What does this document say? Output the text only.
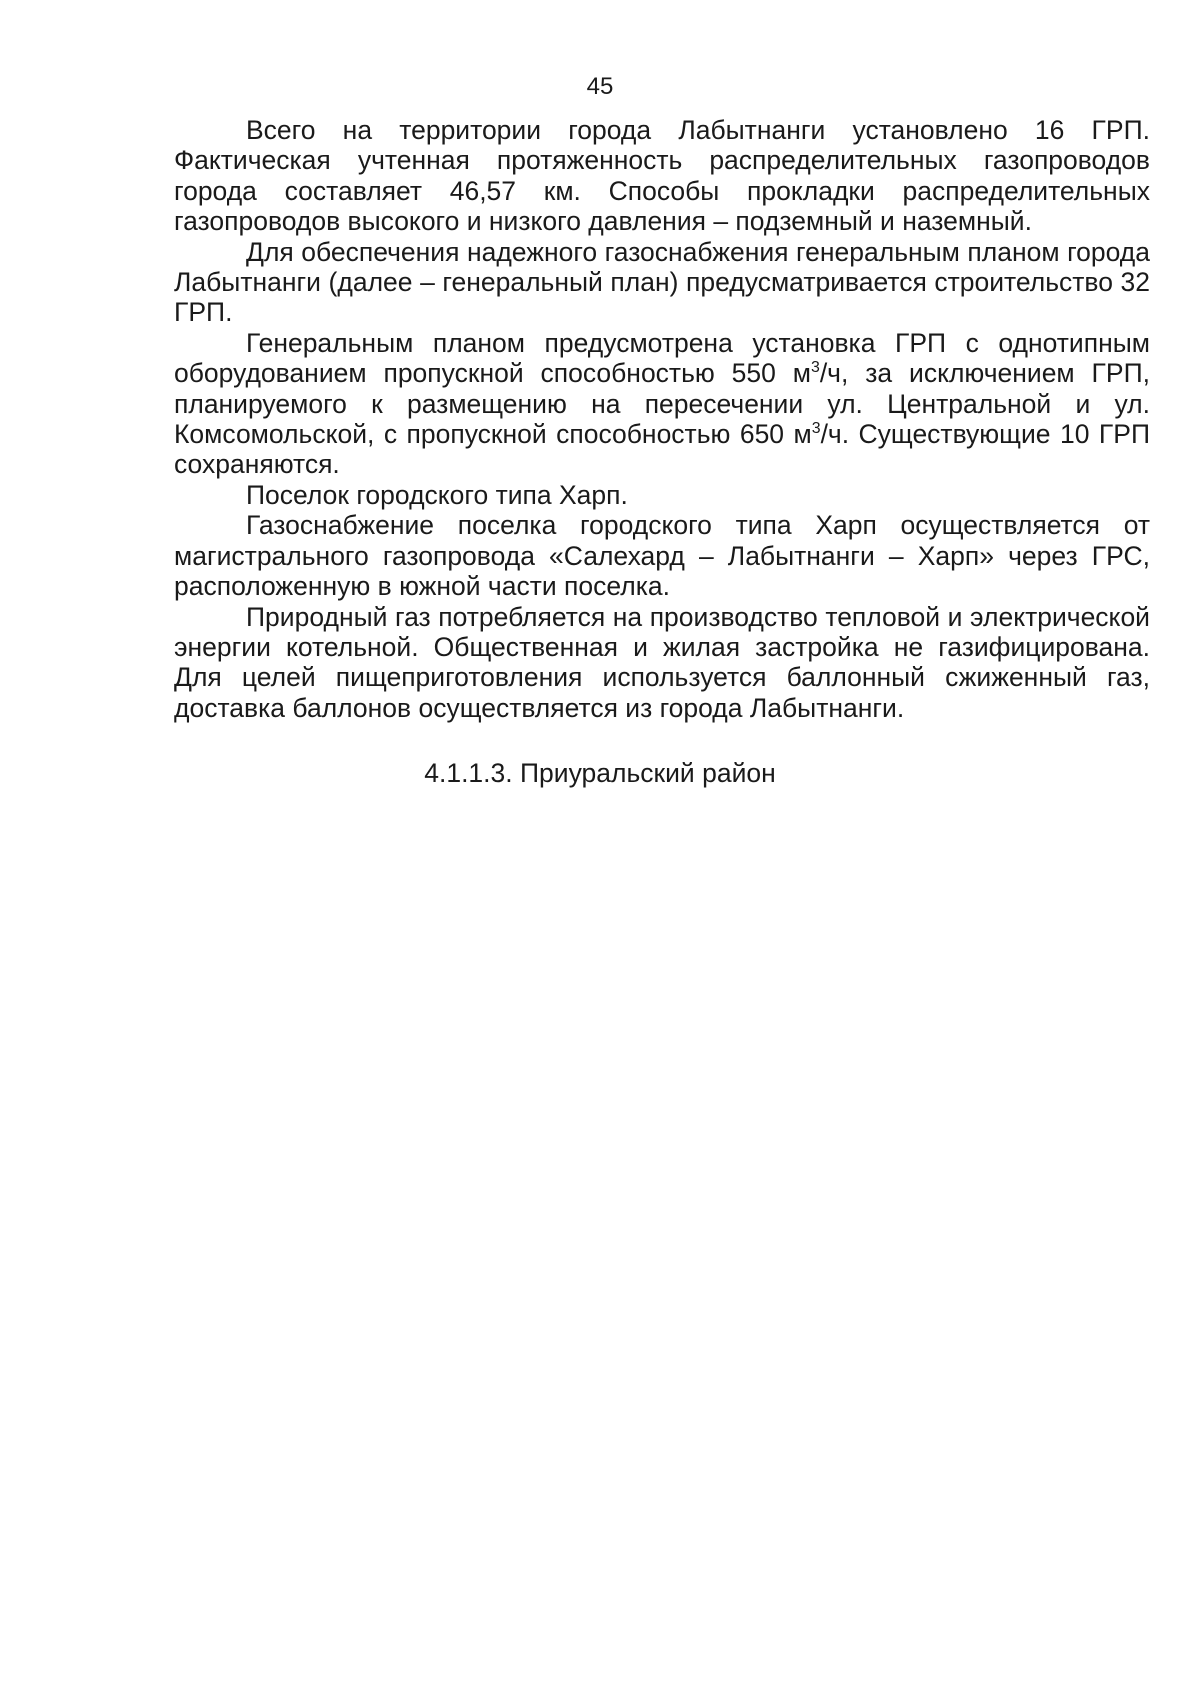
45

Всего на территории города Лабытнанги установлено 16 ГРП. Фактическая учтенная протяженность распределительных газопроводов города составляет 46,57 км. Способы прокладки распределительных газопроводов высокого и низкого давления – подземный и наземный.

Для обеспечения надежного газоснабжения генеральным планом города Лабытнанги (далее – генеральный план) предусматривается строительство 32 ГРП.

Генеральным планом предусмотрена установка ГРП с однотипным оборудованием пропускной способностью 550 $м^3/ч$, за исключением ГРП, планируемого к размещению на пересечении ул. Центральной и ул. Комсомольской, с пропускной способностью 650 $м^3/ч$. Существующие 10 ГРП сохраняются.

Поселок городского типа Харп.

Газоснабжение поселка городского типа Харп осуществляется от магистрального газопровода «Салехард – Лабытнанги – Харп» через ГРС, расположенную в южной части поселка.

Природный газ потребляется на производство тепловой и электрической энергии котельной. Общественная и жилая застройка не газифицирована. Для целей пищеприготовления используется баллонный сжиженный газ, доставка баллонов осуществляется из города Лабытнанги.

4.1.1.3. Приуральский район
